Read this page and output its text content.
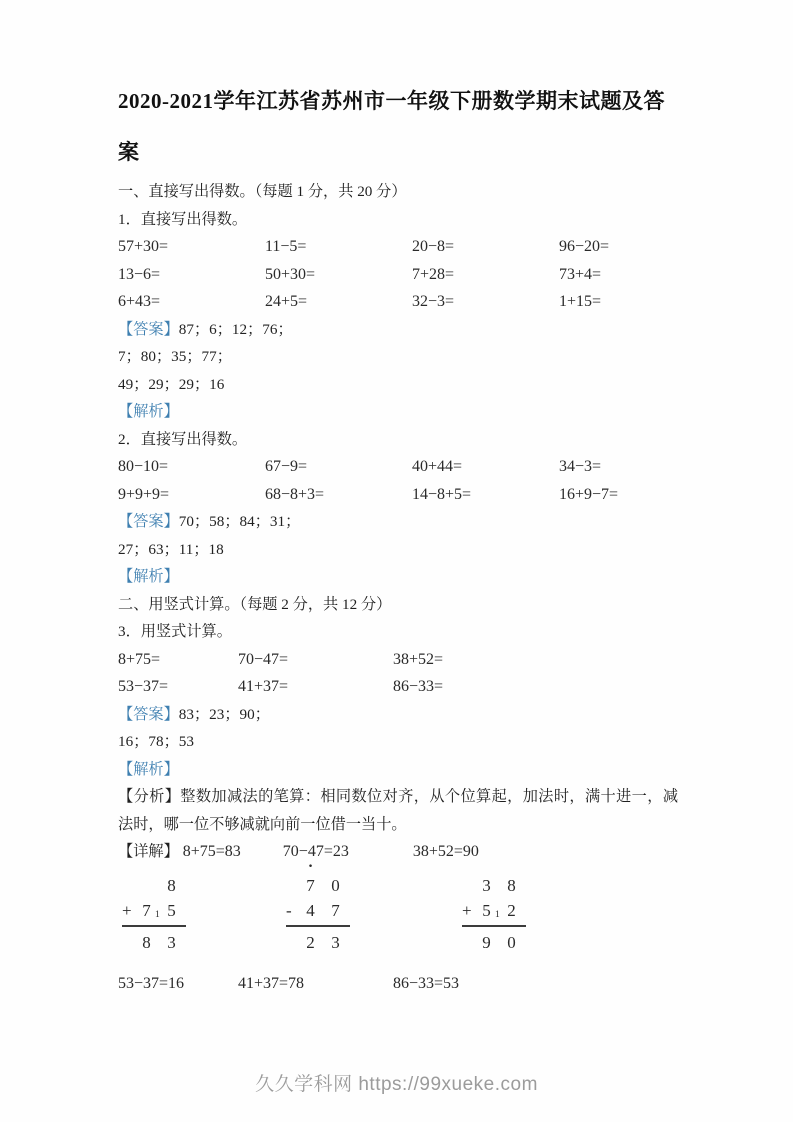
2020-2021学年江苏省苏州市一年级下册数学期末试题及答
案

一、直接写出得数。（每题 1 分，共 20 分）

1．直接写出得数。

57+30=	11−5=	20−8=	96−20=
13−6=	50+30=	7+28=	73+4=
6+43=	24+5=	32−3=	1+15=

【答案】87；6；12；76；

7；80；35；77；

49；29；29；16

【解析】

2．直接写出得数。

80−10=	67−9=	40+44=	34−3=
9+9+9=	68−8+3=	14−8+5=	16+9−7=

【答案】70；58；84；31；

27；63；11；18

【解析】

二、用竖式计算。（每题 2 分，共 12 分）

3．用竖式计算。

8+75=	70−47=	38+52=
53−37=	41+37=	86−33=

【答案】83；23；90；

16；78；53

【解析】

【分析】整数加减法的笔算：相同数位对齐，从个位算起，加法时，满十进一，减法时，哪一位不够减就向前一位借一当十。

【详解】 8+75=83	70−47=23	38+52=90
8
+ 7 1 5
8 3
·
7 0
- 4 7
2 3
3 8
+ 5 1 2
9 0
53−37=16	41+37=78	86−33=53
久久学科网 https://99xueke.com
